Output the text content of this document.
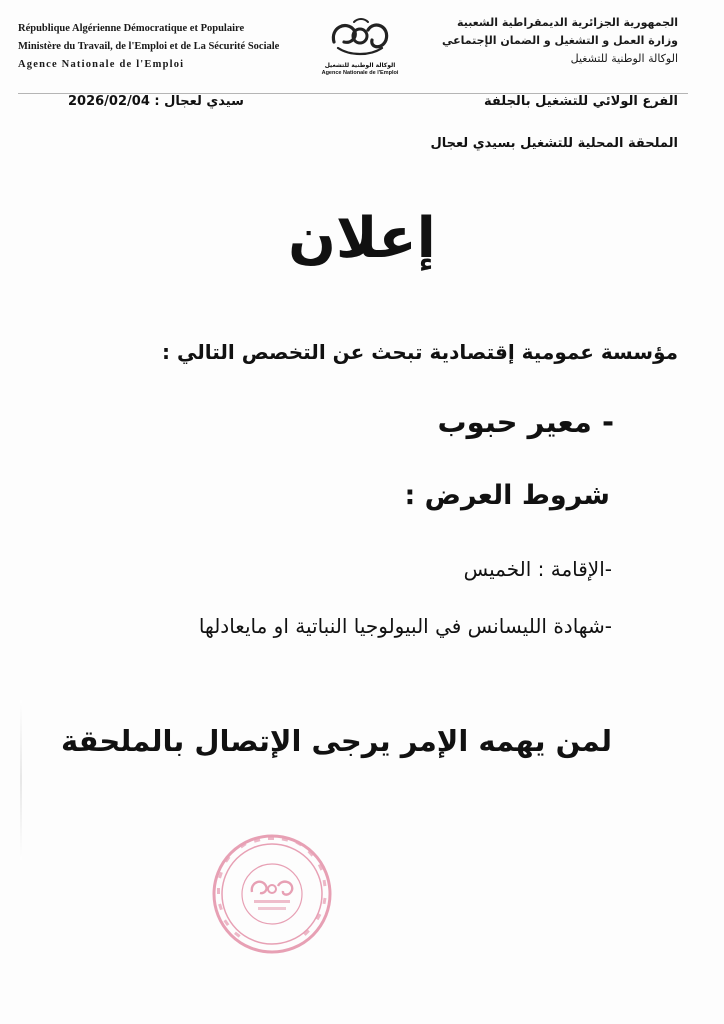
République Algérienne Démocratique et Populaire
Ministère du Travail, de l'Emploi et de La Sécurité Sociale
Agence Nationale de l'Emploi	الوكالة الوطنية للتشغيل
Agence Nationale de l'Emploi
الجمهورية الجزائرية الديمقراطية الشعبية
وزارة العمل و التشغيل و الضمان الإجتماعي
الوكالة الوطنية للتشغيل
الفرع الولائي للتشغيل بالجلفة
سيدي لعجال : 2026/02/04
الملحقة المحلية للتشغيل بسيدي لعجال
إعلان
مؤسسة عمومية إقتصادية تبحث عن التخصص التالي :
- معير حبوب
شروط العرض :
-الإقامة : الخميس
-شهادة الليسانس في البيولوجيا النباتية او مايعادلها
لمن يهمه الإمر يرجى الإتصال بالملحقة
